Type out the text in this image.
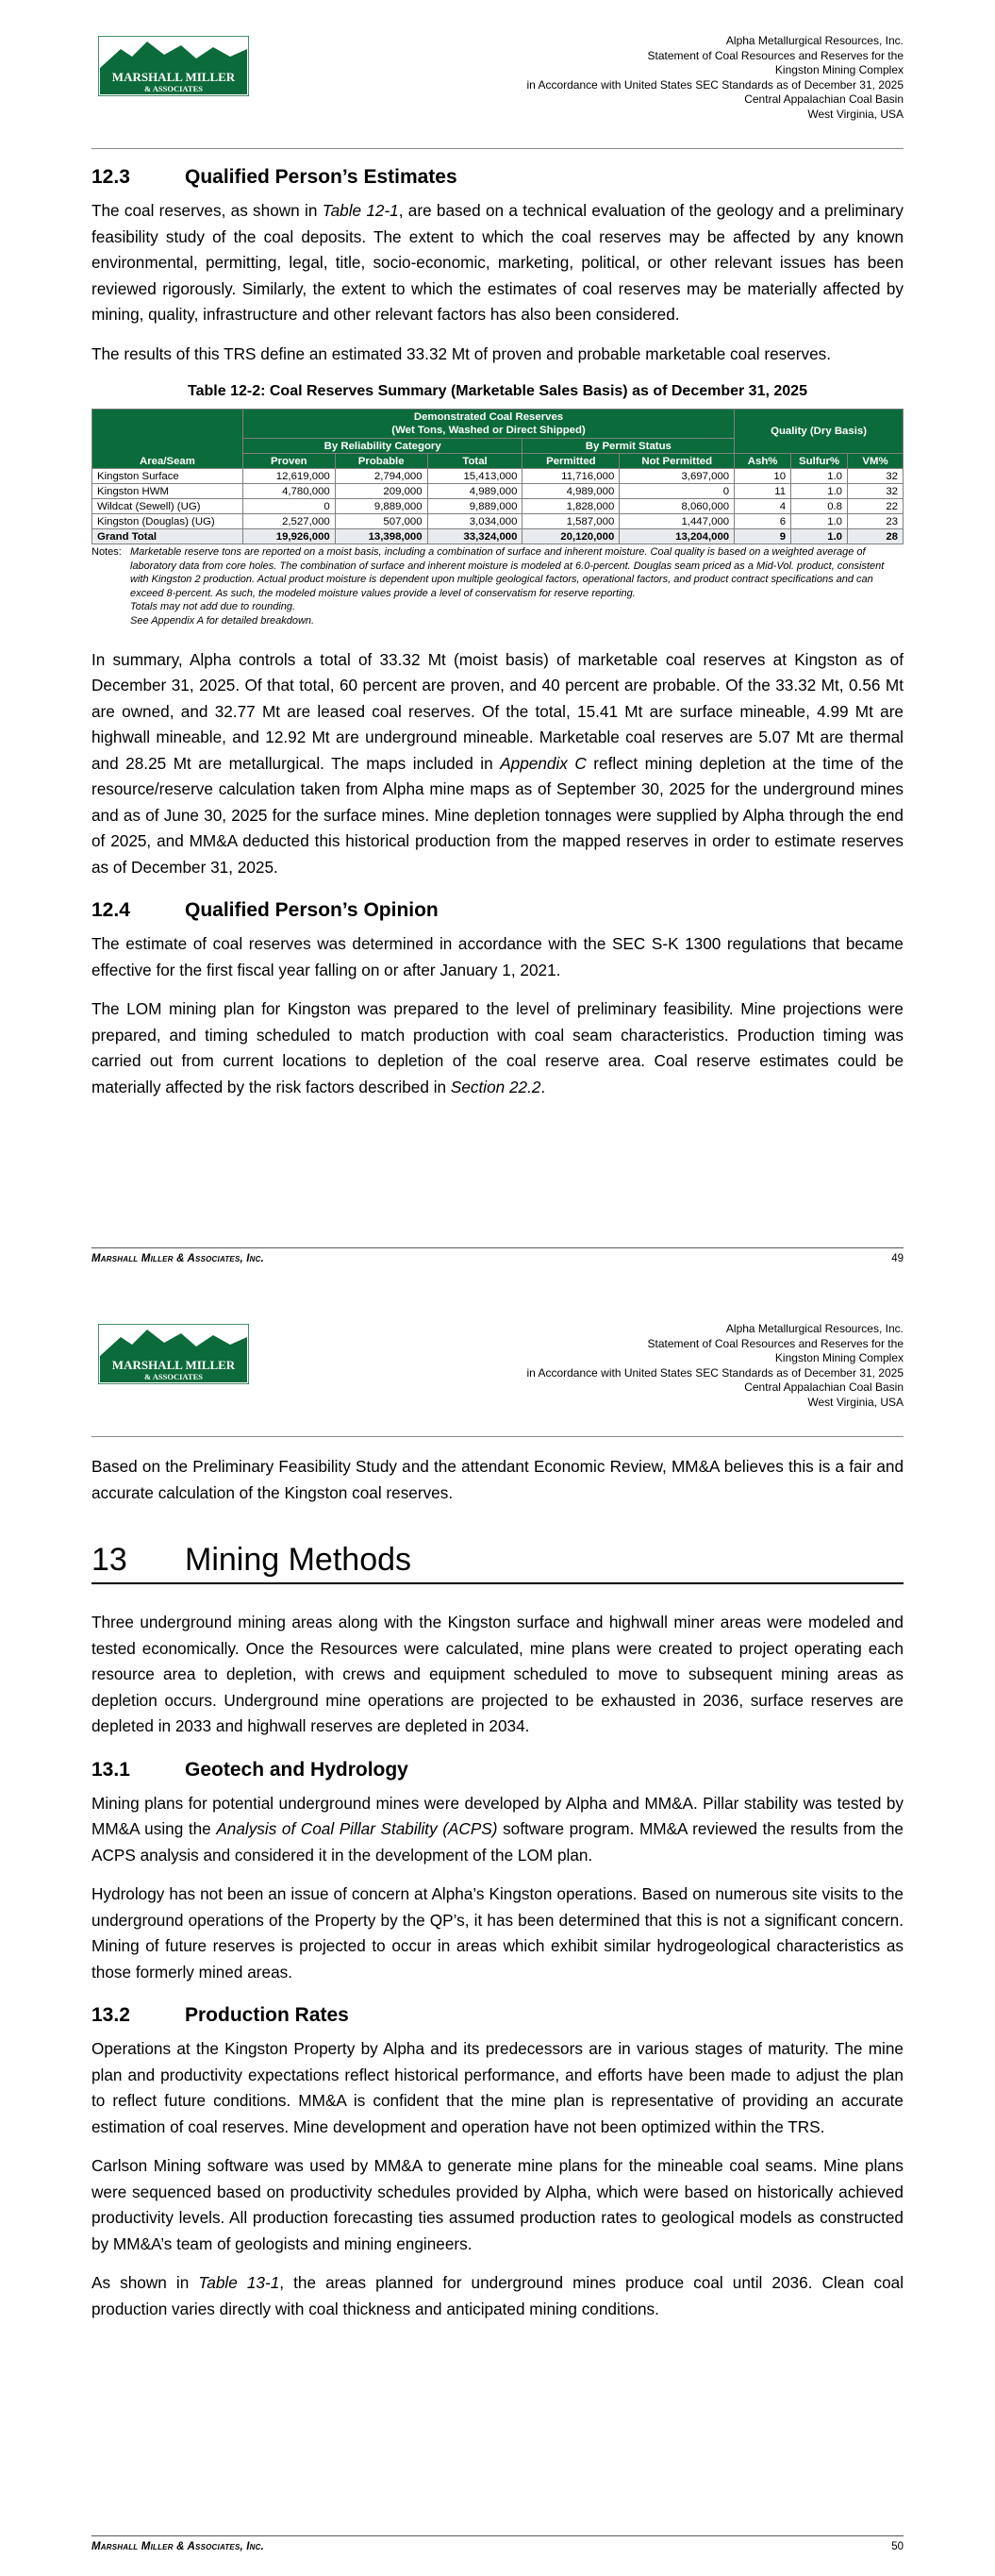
MARSHALL MILLER
& ASSOCIATES
Alpha Metallurgical Resources, Inc.
Statement of Coal Resources and Reserves for the
Kingston Mining Complex
in Accordance with United States SEC Standards as of December 31, 2025
Central Appalachian Coal Basin
West Virginia, USA
12.3	Qualified Person’s Estimates

The coal reserves, as shown in Table 12-1, are based on a technical evaluation of the geology and a preliminary feasibility study of the coal deposits. The extent to which the coal reserves may be affected by any known environmental, permitting, legal, title, socio-economic, marketing, political, or other relevant issues has been reviewed rigorously. Similarly, the extent to which the estimates of coal reserves may be materially affected by mining, quality, infrastructure and other relevant factors has also been considered.

The results of this TRS define an estimated 33.32 Mt of proven and probable marketable coal reserves.

Table 12-2: Coal Reserves Summary (Marketable Sales Basis) as of December 31, 2025
Area/Seam	Demonstrated Coal Reserves
(Wet Tons, Washed or Direct Shipped)					Quality (Dry Basis)		
	By Reliability Category			By Permit Status				
	Proven	Probable	Total	Permitted	Not Permitted	Ash%	Sulfur%	VM%
Kingston Surface	12,619,000	2,794,000	15,413,000	11,716,000	3,697,000	10	1.0	32
Kingston HWM	4,780,000	209,000	4,989,000	4,989,000	0	11	1.0	32
Wildcat (Sewell) (UG)	0	9,889,000	9,889,000	1,828,000	8,060,000	4	0.8	22
Kingston (Douglas) (UG)	2,527,000	507,000	3,034,000	1,587,000	1,447,000	6	1.0	23
Grand Total	19,926,000	13,398,000	33,324,000	20,120,000	13,204,000	9	1.0	28
Notes: Marketable reserve tons are reported on a moist basis, including a combination of surface and inherent moisture. Coal quality is based on a weighted average of laboratory data from core holes. The combination of surface and inherent moisture is modeled at 6.0-percent. Douglas seam priced as a Mid-Vol. product, consistent with Kingston 2 production. Actual product moisture is dependent upon multiple geological factors, operational factors, and product contract specifications and can exceed 8-percent. As such, the modeled moisture values provide a level of conservatism for reserve reporting.
Totals may not add due to rounding.
See Appendix A for detailed breakdown.

In summary, Alpha controls a total of 33.32 Mt (moist basis) of marketable coal reserves at Kingston as of December 31, 2025. Of that total, 60 percent are proven, and 40 percent are probable. Of the 33.32 Mt, 0.56 Mt are owned, and 32.77 Mt are leased coal reserves. Of the total, 15.41 Mt are surface mineable, 4.99 Mt are highwall mineable, and 12.92 Mt are underground mineable. Marketable coal reserves are 5.07 Mt are thermal and 28.25 Mt are metallurgical. The maps included in Appendix C reflect mining depletion at the time of the resource/reserve calculation taken from Alpha mine maps as of September 30, 2025 for the underground mines and as of June 30, 2025 for the surface mines. Mine depletion tonnages were supplied by Alpha through the end of 2025, and MM&A deducted this historical production from the mapped reserves in order to estimate reserves as of December 31, 2025.

12.4	Qualified Person’s Opinion

The estimate of coal reserves was determined in accordance with the SEC S-K 1300 regulations that became effective for the first fiscal year falling on or after January 1, 2021.

The LOM mining plan for Kingston was prepared to the level of preliminary feasibility. Mine projections were prepared, and timing scheduled to match production with coal seam characteristics. Production timing was carried out from current locations to depletion of the coal reserve area. Coal reserve estimates could be materially affected by the risk factors described in Section 22.2.

Marshall Miller & Associates, Inc.	49
MARSHALL MILLER
& ASSOCIATES
Alpha Metallurgical Resources, Inc.
Statement of Coal Resources and Reserves for the
Kingston Mining Complex
in Accordance with United States SEC Standards as of December 31, 2025
Central Appalachian Coal Basin
West Virginia, USA

Based on the Preliminary Feasibility Study and the attendant Economic Review, MM&A believes this is a fair and accurate calculation of the Kingston coal reserves.

13	Mining Methods

Three underground mining areas along with the Kingston surface and highwall miner areas were modeled and tested economically. Once the Resources were calculated, mine plans were created to project operating each resource area to depletion, with crews and equipment scheduled to move to subsequent mining areas as depletion occurs. Underground mine operations are projected to be exhausted in 2036, surface reserves are depleted in 2033 and highwall reserves are depleted in 2034.

13.1	Geotech and Hydrology

Mining plans for potential underground mines were developed by Alpha and MM&A. Pillar stability was tested by MM&A using the Analysis of Coal Pillar Stability (ACPS) software program. MM&A reviewed the results from the ACPS analysis and considered it in the development of the LOM plan.

Hydrology has not been an issue of concern at Alpha’s Kingston operations. Based on numerous site visits to the underground operations of the Property by the QP’s, it has been determined that this is not a significant concern. Mining of future reserves is projected to occur in areas which exhibit similar hydrogeological characteristics as those formerly mined areas.

13.2	Production Rates

Operations at the Kingston Property by Alpha and its predecessors are in various stages of maturity. The mine plan and productivity expectations reflect historical performance, and efforts have been made to adjust the plan to reflect future conditions. MM&A is confident that the mine plan is representative of providing an accurate estimation of coal reserves. Mine development and operation have not been optimized within the TRS.

Carlson Mining software was used by MM&A to generate mine plans for the mineable coal seams. Mine plans were sequenced based on productivity schedules provided by Alpha, which were based on historically achieved productivity levels. All production forecasting ties assumed production rates to geological models as constructed by MM&A’s team of geologists and mining engineers.

As shown in Table 13-1, the areas planned for underground mines produce coal until 2036. Clean coal production varies directly with coal thickness and anticipated mining conditions.

Marshall Miller & Associates, Inc.	50
